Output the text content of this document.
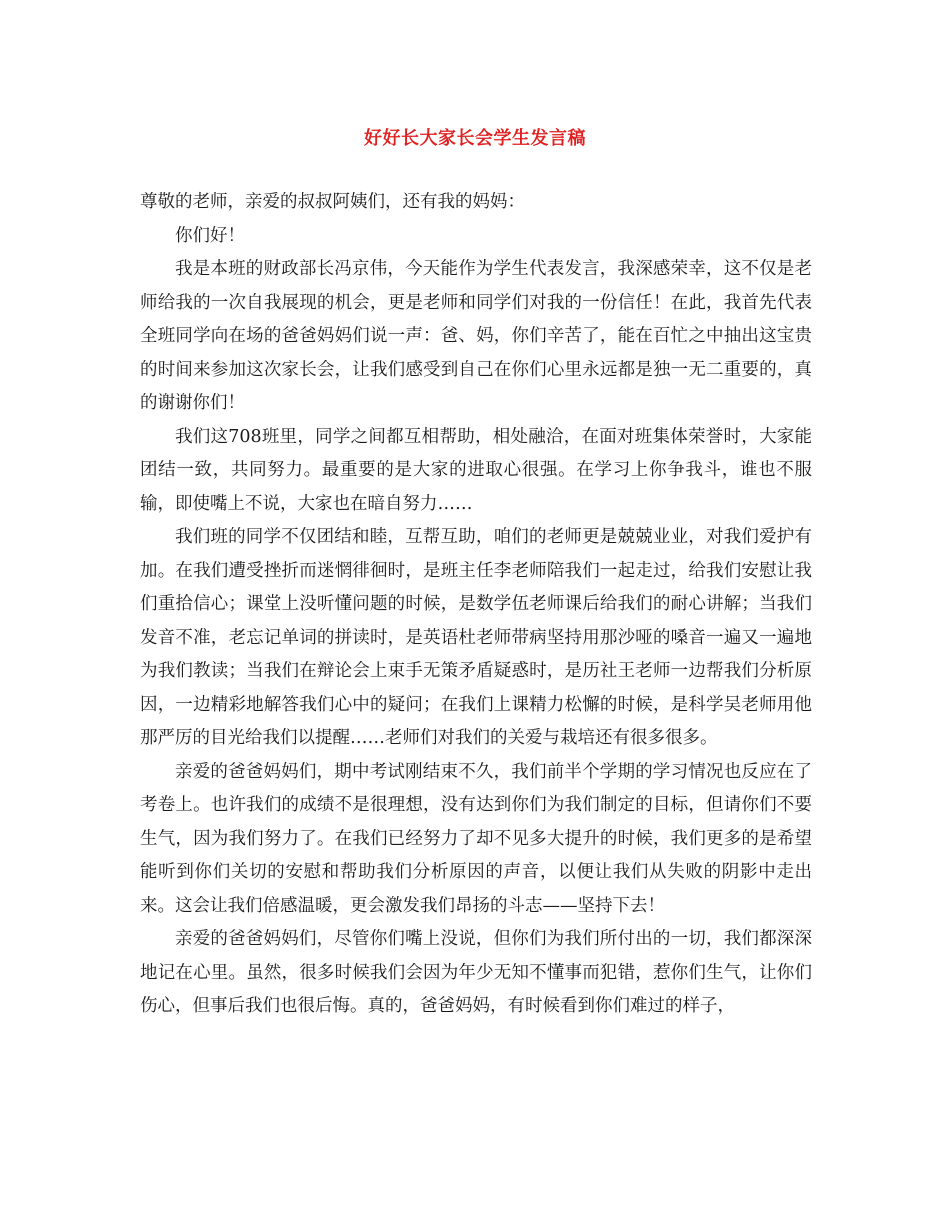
好好长大家长会学生发言稿

尊敬的老师，亲爱的叔叔阿姨们，还有我的妈妈：

你们好！

我是本班的财政部长冯京伟，今天能作为学生代表发言，我深感荣幸，这不仅是老师给我的一次自我展现的机会，更是老师和同学们对我的一份信任！在此，我首先代表全班同学向在场的爸爸妈妈们说一声：爸、妈，你们辛苦了，能在百忙之中抽出这宝贵的时间来参加这次家长会，让我们感受到自己在你们心里永远都是独一无二重要的，真的谢谢你们！

我们这708班里，同学之间都互相帮助，相处融洽，在面对班集体荣誉时，大家能团结一致，共同努力。最重要的是大家的进取心很强。在学习上你争我斗，谁也不服输，即使嘴上不说，大家也在暗自努力……

我们班的同学不仅团结和睦，互帮互助，咱们的老师更是兢兢业业，对我们爱护有加。在我们遭受挫折而迷惘徘徊时，是班主任李老师陪我们一起走过，给我们安慰让我们重拾信心；课堂上没听懂问题的时候，是数学伍老师课后给我们的耐心讲解；当我们发音不准，老忘记单词的拼读时，是英语杜老师带病坚持用那沙哑的嗓音一遍又一遍地为我们教读；当我们在辩论会上束手无策矛盾疑惑时，是历社王老师一边帮我们分析原因，一边精彩地解答我们心中的疑问；在我们上课精力松懈的时候，是科学吴老师用他那严厉的目光给我们以提醒……老师们对我们的关爱与栽培还有很多很多。

亲爱的爸爸妈妈们，期中考试刚结束不久，我们前半个学期的学习情况也反应在了考卷上。也许我们的成绩不是很理想，没有达到你们为我们制定的目标，但请你们不要生气，因为我们努力了。在我们已经努力了却不见多大提升的时候，我们更多的是希望能听到你们关切的安慰和帮助我们分析原因的声音，以便让我们从失败的阴影中走出来。这会让我们倍感温暖，更会激发我们昂扬的斗志——坚持下去！

亲爱的爸爸妈妈们，尽管你们嘴上没说，但你们为我们所付出的一切，我们都深深地记在心里。虽然，很多时候我们会因为年少无知不懂事而犯错，惹你们生气，让你们伤心，但事后我们也很后悔。真的，爸爸妈妈，有时候看到你们难过的样子，
